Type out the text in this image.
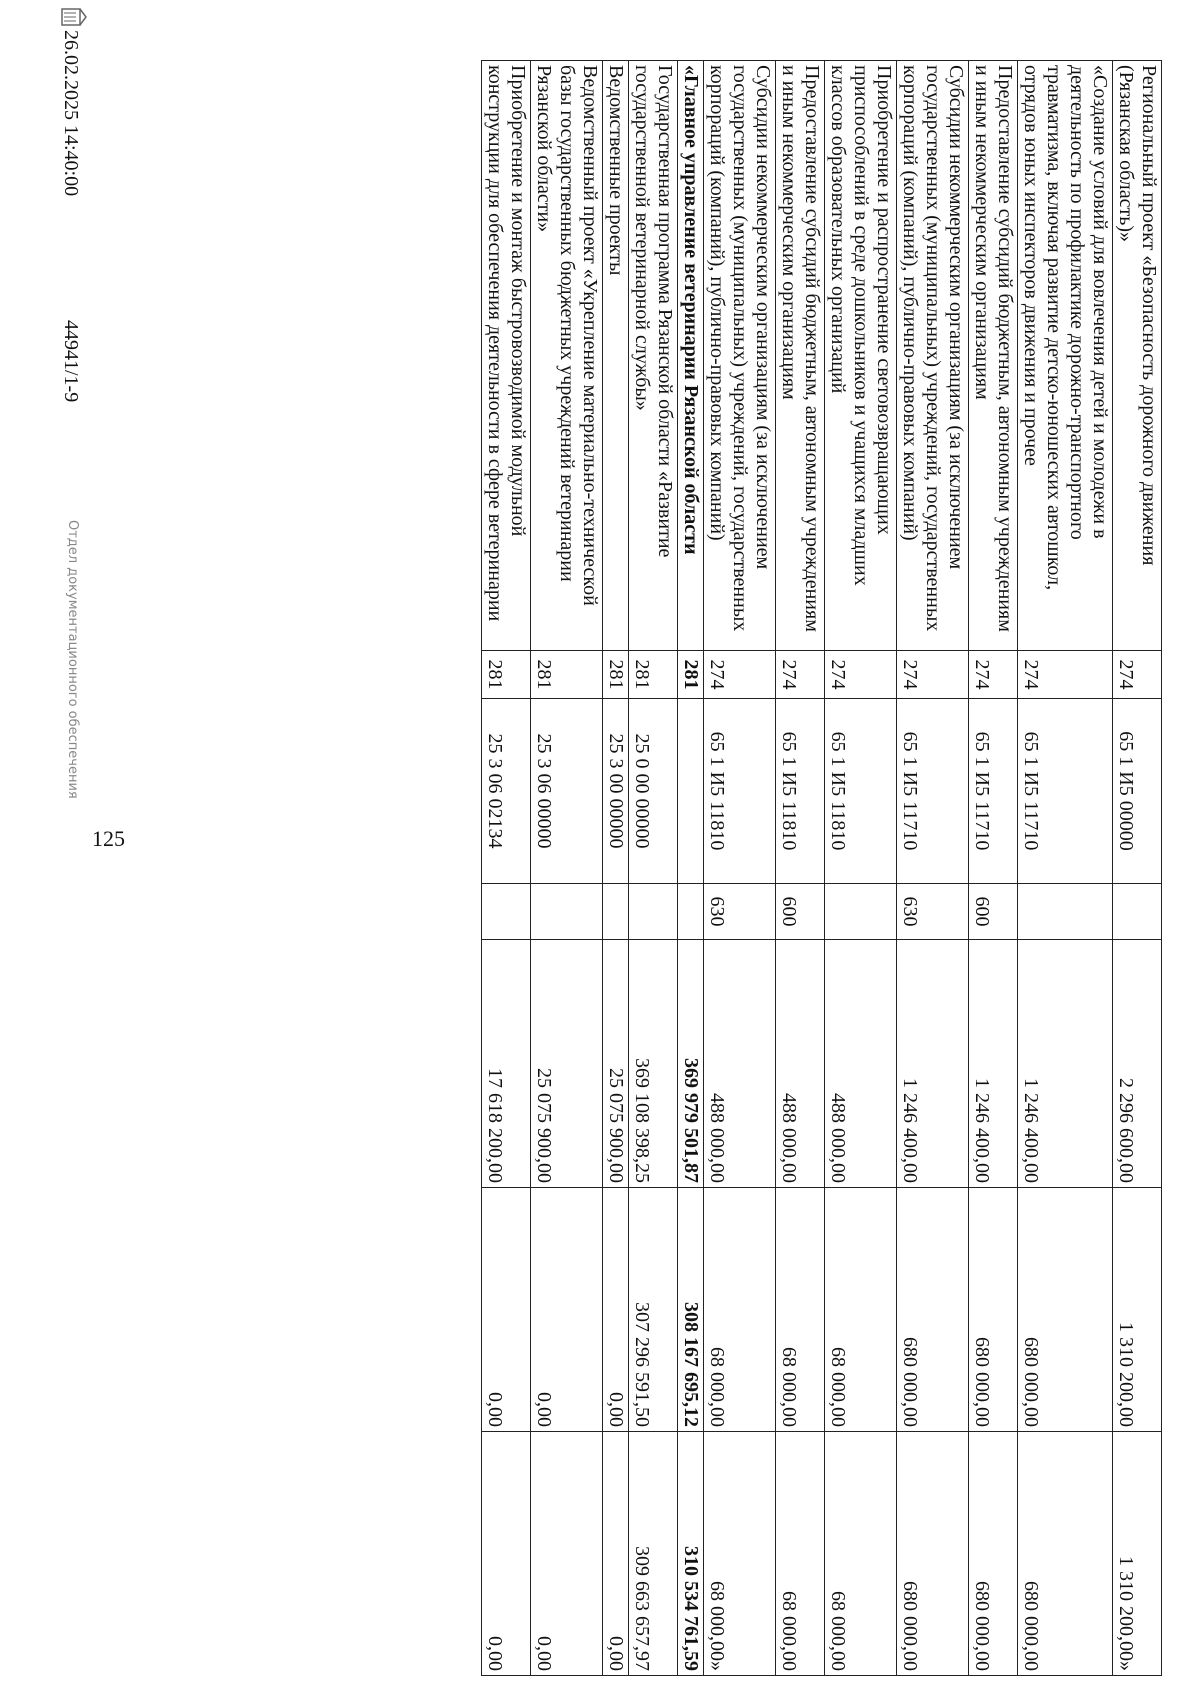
Региональный проект «Безопасность дорожного движения (Рязанская область)»	274	65 1 И5 00000		2 296 600,00	1 310 200,00	1 310 200,00»
«Создание условий для вовлечения детей и молодежи в деятельность по профилактике дорожно-транспортного травматизма, включая развитие детско-юношеских автошкол, отрядов юных инспекторов движения и прочее	274	65 1 И5 11710		1 246 400,00	680 000,00	680 000,00
Предоставление субсидий бюджетным, автономным учреждениям и иным некоммерческим организациям	274	65 1 И5 11710	600	1 246 400,00	680 000,00	680 000,00
Субсидии некоммерческим организациям (за исключением государственных (муниципальных) учреждений, государственных корпораций (компаний), публично-правовых компаний)	274	65 1 И5 11710	630	1 246 400,00	680 000,00	680 000,00
Приобретение и распространение световозвращающих приспособлений в среде дошкольников и учащихся младших классов образовательных организаций	274	65 1 И5 11810		488 000,00	68 000,00	68 000,00
Предоставление субсидий бюджетным, автономным учреждениям и иным некоммерческим организациям	274	65 1 И5 11810	600	488 000,00	68 000,00	68 000,00
Субсидии некоммерческим организациям (за исключением государственных (муниципальных) учреждений, государственных корпораций (компаний), публично-правовых компаний)	274	65 1 И5 11810	630	488 000,00	68 000,00	68 000,00»
«Главное управление ветеринарии Рязанской области	281			369 979 501,87	308 167 695,12	310 534 761,59
Государственная программа Рязанской области «Развитие государственной ветеринарной службы»	281	25 0 00 00000		369 108 398,25	307 296 591,50	309 663 657,97
Ведомственные проекты	281	25 3 00 00000		25 075 900,00	0,00	0,00
Ведомственный проект «Укрепление материально-технической базы государственных бюджетных учреждений ветеринарии Рязанской области»	281	25 3 06 00000		25 075 900,00	0,00	0,00
Приобретение и монтаж быстровозводимой модульной конструкции для обеспечения деятельности в сфере ветеринарии	281	25 3 06 02134		17 618 200,00	0,00	0,00
125
26.02.2025 14:40:00
44941/1-9
Отдел документационного обеспечения
